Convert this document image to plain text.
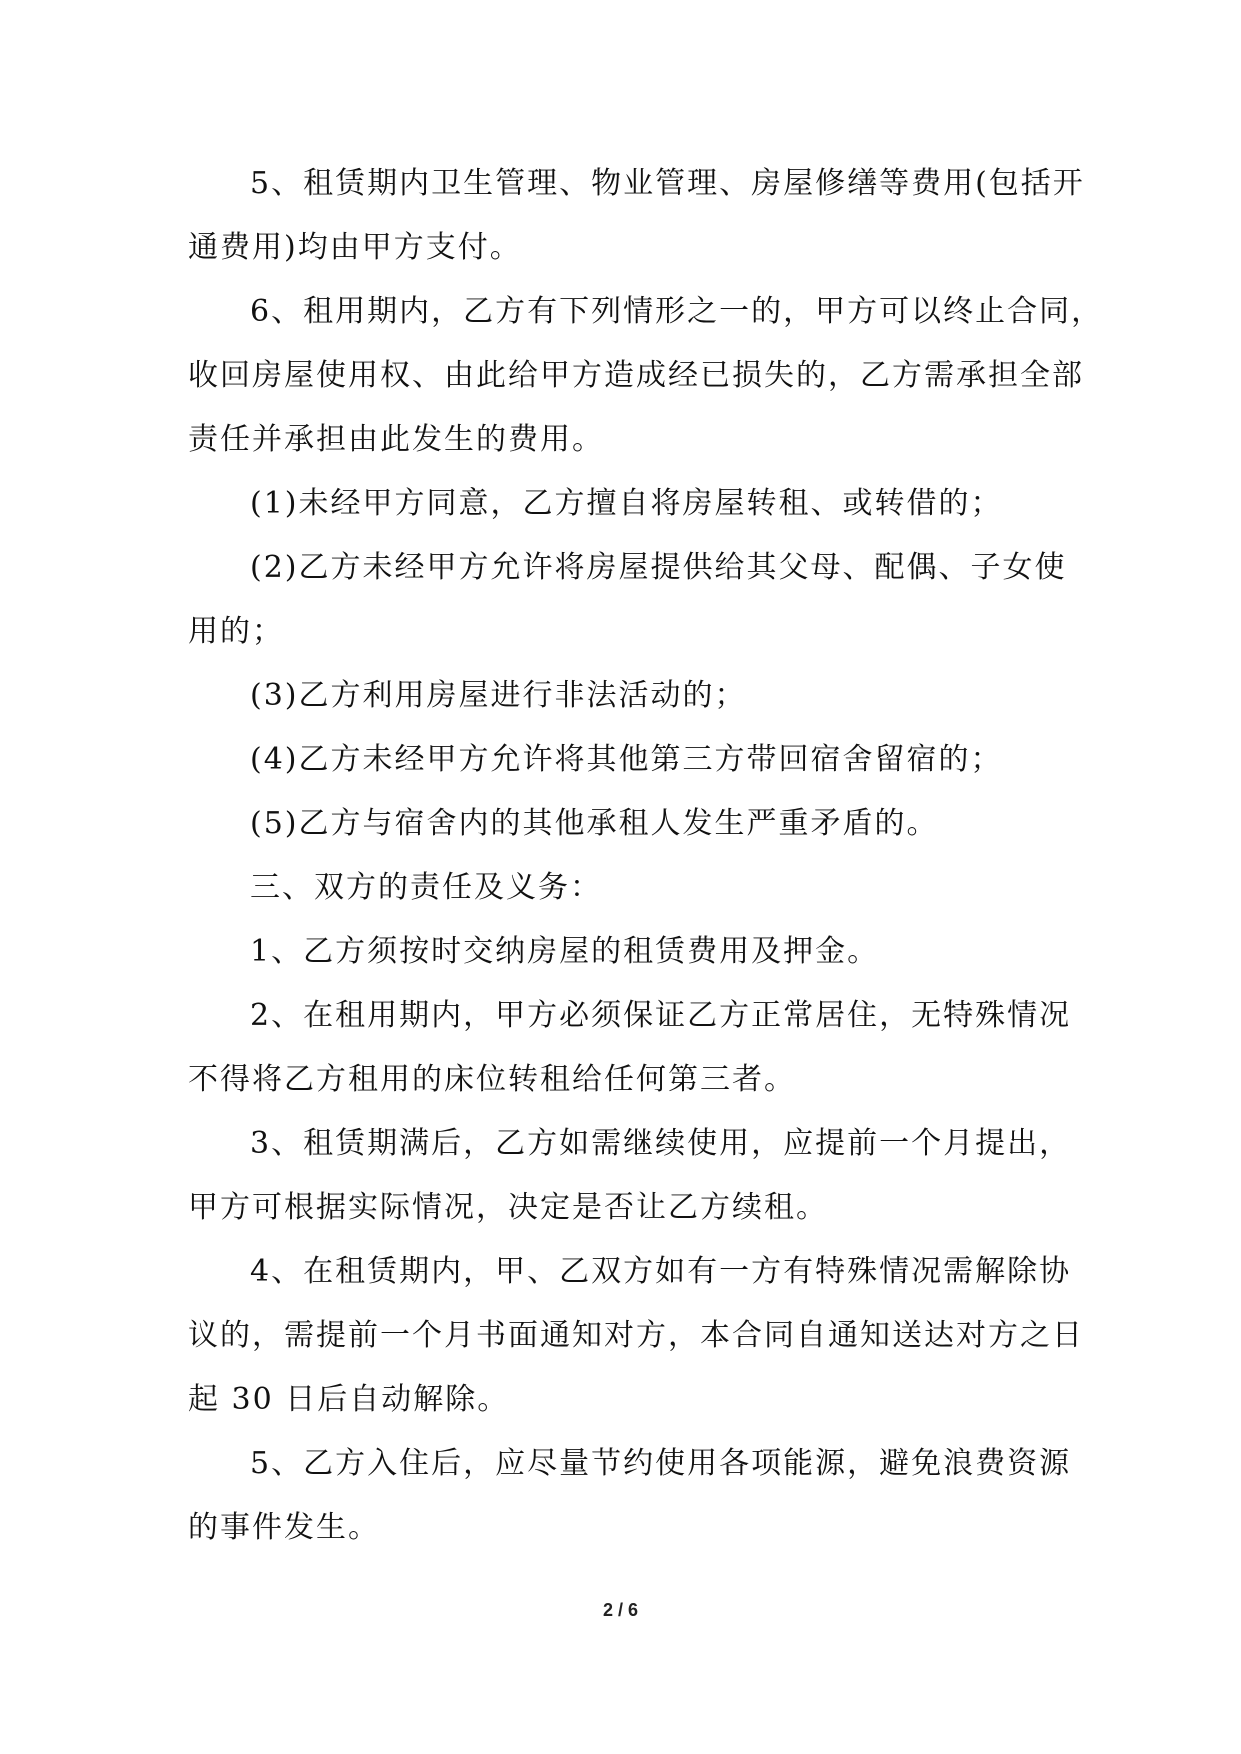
5、租赁期内卫生管理、物业管理、房屋修缮等费用(包括开
通费用)均由甲方支付。

6、租用期内，乙方有下列情形之一的，甲方可以终止合同，
收回房屋使用权、由此给甲方造成经已损失的，乙方需承担全部
责任并承担由此发生的费用。

(1)未经甲方同意，乙方擅自将房屋转租、或转借的；

(2)乙方未经甲方允许将房屋提供给其父母、配偶、子女使
用的；

(3)乙方利用房屋进行非法活动的；

(4)乙方未经甲方允许将其他第三方带回宿舍留宿的；

(5)乙方与宿舍内的其他承租人发生严重矛盾的。

三、双方的责任及义务：

1、乙方须按时交纳房屋的租赁费用及押金。

2、在租用期内，甲方必须保证乙方正常居住，无特殊情况
不得将乙方租用的床位转租给任何第三者。

3、租赁期满后，乙方如需继续使用，应提前一个月提出，
甲方可根据实际情况，决定是否让乙方续租。

4、在租赁期内，甲、乙双方如有一方有特殊情况需解除协
议的，需提前一个月书面通知对方，本合同自通知送达对方之日
起 30 日后自动解除。

5、乙方入住后，应尽量节约使用各项能源，避免浪费资源
的事件发生。

2 / 6
